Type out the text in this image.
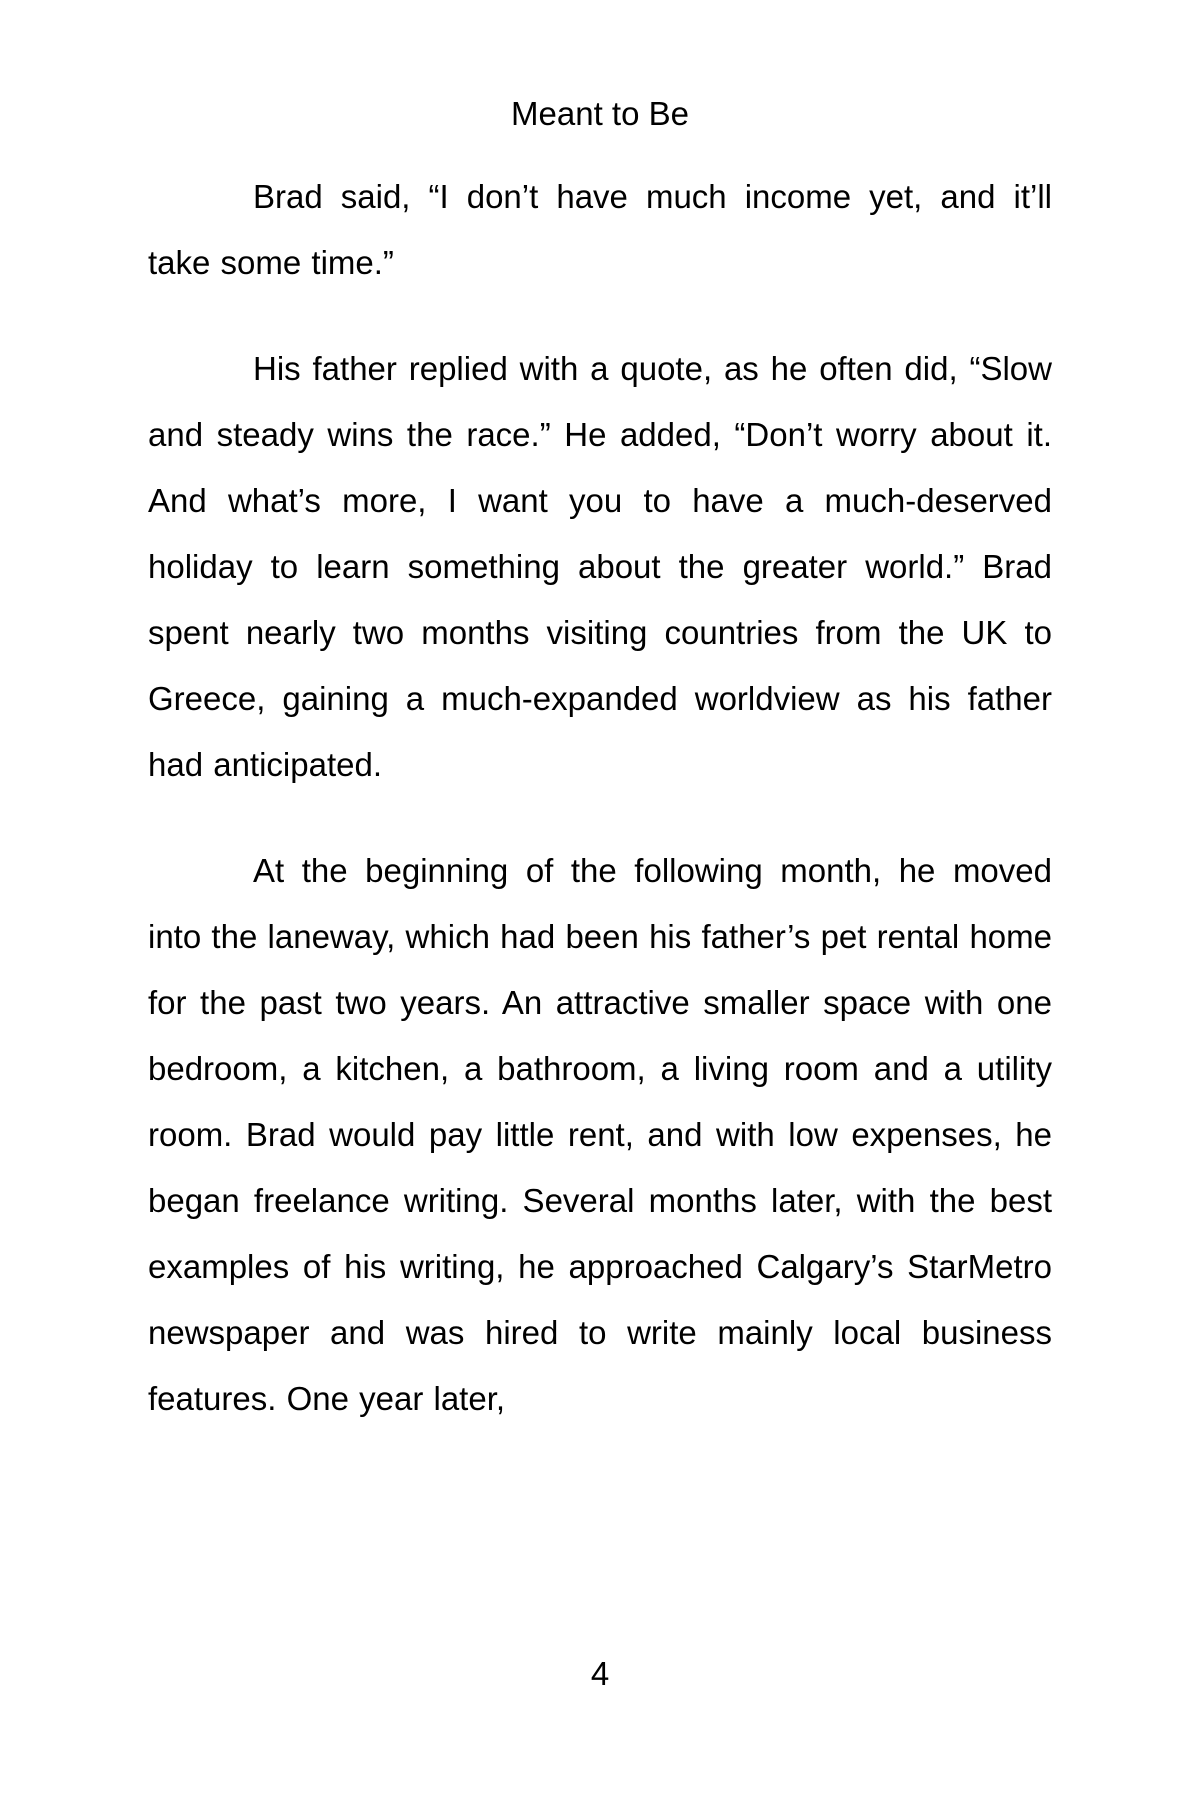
Meant to Be

Brad said, “I don’t have much income yet, and it’ll take some time.”

His father replied with a quote, as he often did, “Slow and steady wins the race.” He added, “Don’t worry about it. And what’s more, I want you to have a much-deserved holiday to learn something about the greater world.” Brad spent nearly two months visiting countries from the UK to Greece, gaining a much-expanded worldview as his father had anticipated.

At the beginning of the following month, he moved into the laneway, which had been his father’s pet rental home for the past two years. An attractive smaller space with one bedroom, a kitchen, a bathroom, a living room and a utility room. Brad would pay little rent, and with low expenses, he began freelance writing. Several months later, with the best examples of his writing, he approached Calgary’s StarMetro newspaper and was hired to write mainly local business features. One year later,

4
